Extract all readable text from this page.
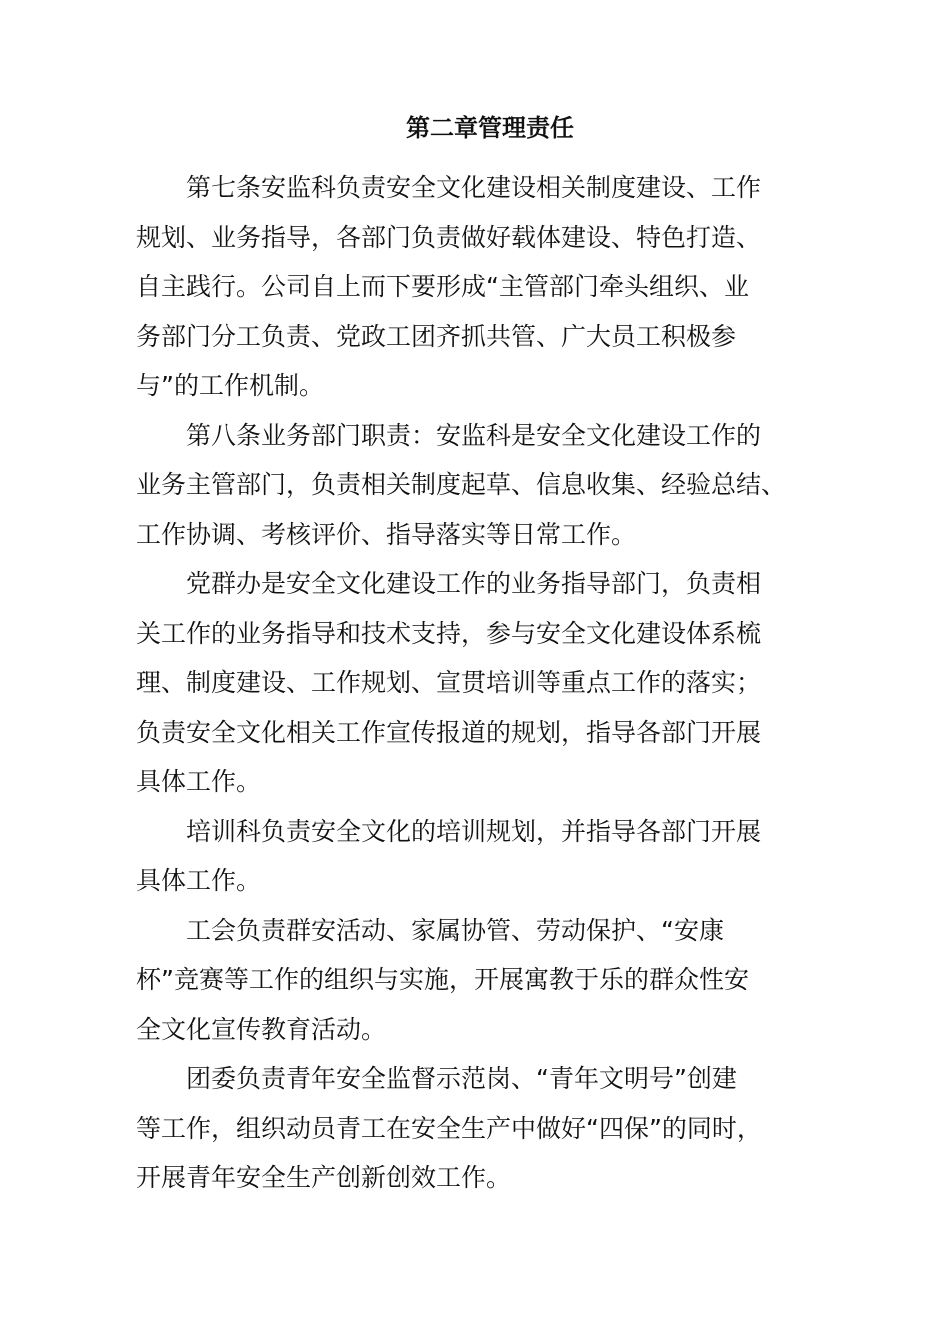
第二章管理责任
第七条安监科负责安全文化建设相关制度建设、工作
规划、业务指导，各部门负责做好载体建设、特色打造、
自主践行。公司自上而下要形成“主管部门牵头组织、业
务部门分工负责、党政工团齐抓共管、广大员工积极参
与”的工作机制。
第八条业务部门职责：安监科是安全文化建设工作的
业务主管部门，负责相关制度起草、信息收集、经验总结、
工作协调、考核评价、指导落实等日常工作。
党群办是安全文化建设工作的业务指导部门，负责相
关工作的业务指导和技术支持，参与安全文化建设体系梳
理、制度建设、工作规划、宣贯培训等重点工作的落实；
负责安全文化相关工作宣传报道的规划，指导各部门开展
具体工作。
培训科负责安全文化的培训规划，并指导各部门开展
具体工作。
工会负责群安活动、家属协管、劳动保护、“安康
杯”竞赛等工作的组织与实施，开展寓教于乐的群众性安
全文化宣传教育活动。
团委负责青年安全监督示范岗、“青年文明号”创建
等工作，组织动员青工在安全生产中做好“四保”的同时，
开展青年安全生产创新创效工作。
